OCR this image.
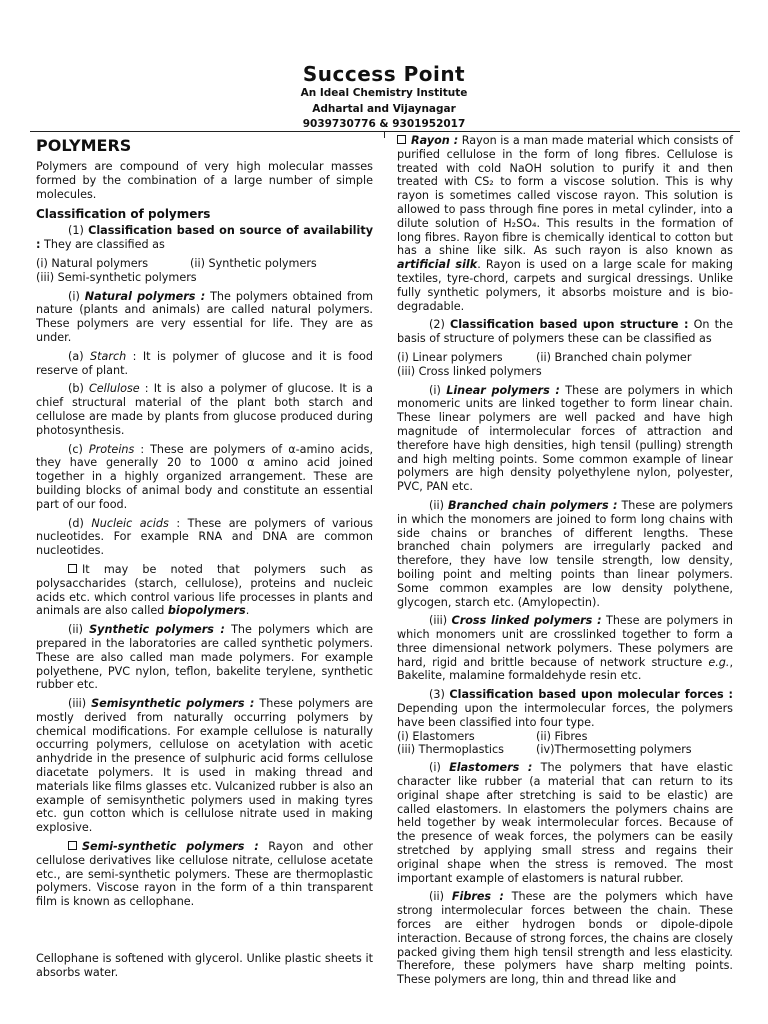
Success Point
An Ideal Chemistry Institute
Adhartal and Vijaynagar
9039730776 & 9301952017
POLYMERS

Polymers are compound of very high molecular masses formed by the combination of a large number of simple molecules.

Classification of polymers

(1) Classification based on source of availability : They are classified as

(i) Natural polymers	(ii) Synthetic polymers

(iii) Semi-synthetic polymers

(i) Natural polymers : The polymers obtained from nature (plants and animals) are called natural polymers. These polymers are very essential for life. They are as under.

(a) Starch : It is polymer of glucose and it is food reserve of plant.

(b) Cellulose : It is also a polymer of glucose. It is a chief structural material of the plant both starch and cellulose are made by plants from glucose produced during photosynthesis.

(c) Proteins : These are polymers of α-amino acids, they have generally 20 to 1000 α amino acid joined together in a highly organized arrangement. These are building blocks of animal body and constitute an essential part of our food.

(d) Nucleic acids : These are polymers of various nucleotides. For example RNA and DNA are common nucleotides.

It may be noted that polymers such as polysaccharides (starch, cellulose), proteins and nucleic acids etc. which control various life processes in plants and animals are also called biopolymers.

(ii) Synthetic polymers : The polymers which are prepared in the laboratories are called synthetic polymers. These are also called man made polymers. For example polyethene, PVC nylon, teflon, bakelite terylene, synthetic rubber etc.

(iii) Semisynthetic polymers : These polymers are mostly derived from naturally occurring polymers by chemical modifications. For example cellulose is naturally occurring polymers, cellulose on acetylation with acetic anhydride in the presence of sulphuric acid forms cellulose diacetate polymers. It is used in making thread and materials like films glasses etc. Vulcanized rubber is also an example of semisynthetic polymers used in making tyres etc. gun cotton which is cellulose nitrate used in making explosive.

Semi-synthetic polymers : Rayon and other cellulose derivatives like cellulose nitrate, cellulose acetate etc., are semi-synthetic polymers. These are thermoplastic polymers. Viscose rayon in the form of a thin transparent film is known as cellophane.

Cellophane is softened with glycerol. Unlike plastic sheets it absorbs water.

Rayon : Rayon is a man made material which consists of purified cellulose in the form of long fibres. Cellulose is treated with cold NaOH solution to purify it and then treated with CS₂ to form a viscose solution. This is why rayon is sometimes called viscose rayon. This solution is allowed to pass through fine pores in metal cylinder, into a dilute solution of H₂SO₄. This results in the formation of long fibres. Rayon fibre is chemically identical to cotton but has a shine like silk. As such rayon is also known as artificial silk. Rayon is used on a large scale for making textiles, tyre-chord, carpets and surgical dressings. Unlike fully synthetic polymers, it absorbs moisture and is bio-degradable.

(2) Classification based upon structure : On the basis of structure of polymers these can be classified as

(i) Linear polymers	(ii) Branched chain polymer

(iii) Cross linked polymers

(i) Linear polymers : These are polymers in which monomeric units are linked together to form linear chain. These linear polymers are well packed and have high magnitude of intermolecular forces of attraction and therefore have high densities, high tensil (pulling) strength and high melting points. Some common example of linear polymers are high density polyethylene nylon, polyester, PVC, PAN etc.

(ii) Branched chain polymers : These are polymers in which the monomers are joined to form long chains with side chains or branches of different lengths. These branched chain polymers are irregularly packed and therefore, they have low tensile strength, low density, boiling point and melting points than linear polymers. Some common examples are low density polythene, glycogen, starch etc. (Amylopectin).

(iii) Cross linked polymers : These are polymers in which monomers unit are crosslinked together to form a three dimensional network polymers. These polymers are hard, rigid and brittle because of network structure e.g., Bakelite, malamine formaldehyde resin etc.

(3) Classification based upon molecular forces : Depending upon the intermolecular forces, the polymers have been classified into four type.

(i) Elastomers	(ii) Fibres
(iii) Thermoplastics	(iv)Thermosetting polymers

(i) Elastomers : The polymers that have elastic character like rubber (a material that can return to its original shape after stretching is said to be elastic) are called elastomers. In elastomers the polymers chains are held together by weak intermolecular forces. Because of the presence of weak forces, the polymers can be easily stretched by applying small stress and regains their original shape when the stress is removed. The most important example of elastomers is natural rubber.

(ii) Fibres : These are the polymers which have strong intermolecular forces between the chain. These forces are either hydrogen bonds or dipole-dipole interaction. Because of strong forces, the chains are closely packed giving them high tensil strength and less elasticity. Therefore, these polymers have sharp melting points. These polymers are long, thin and thread like and
